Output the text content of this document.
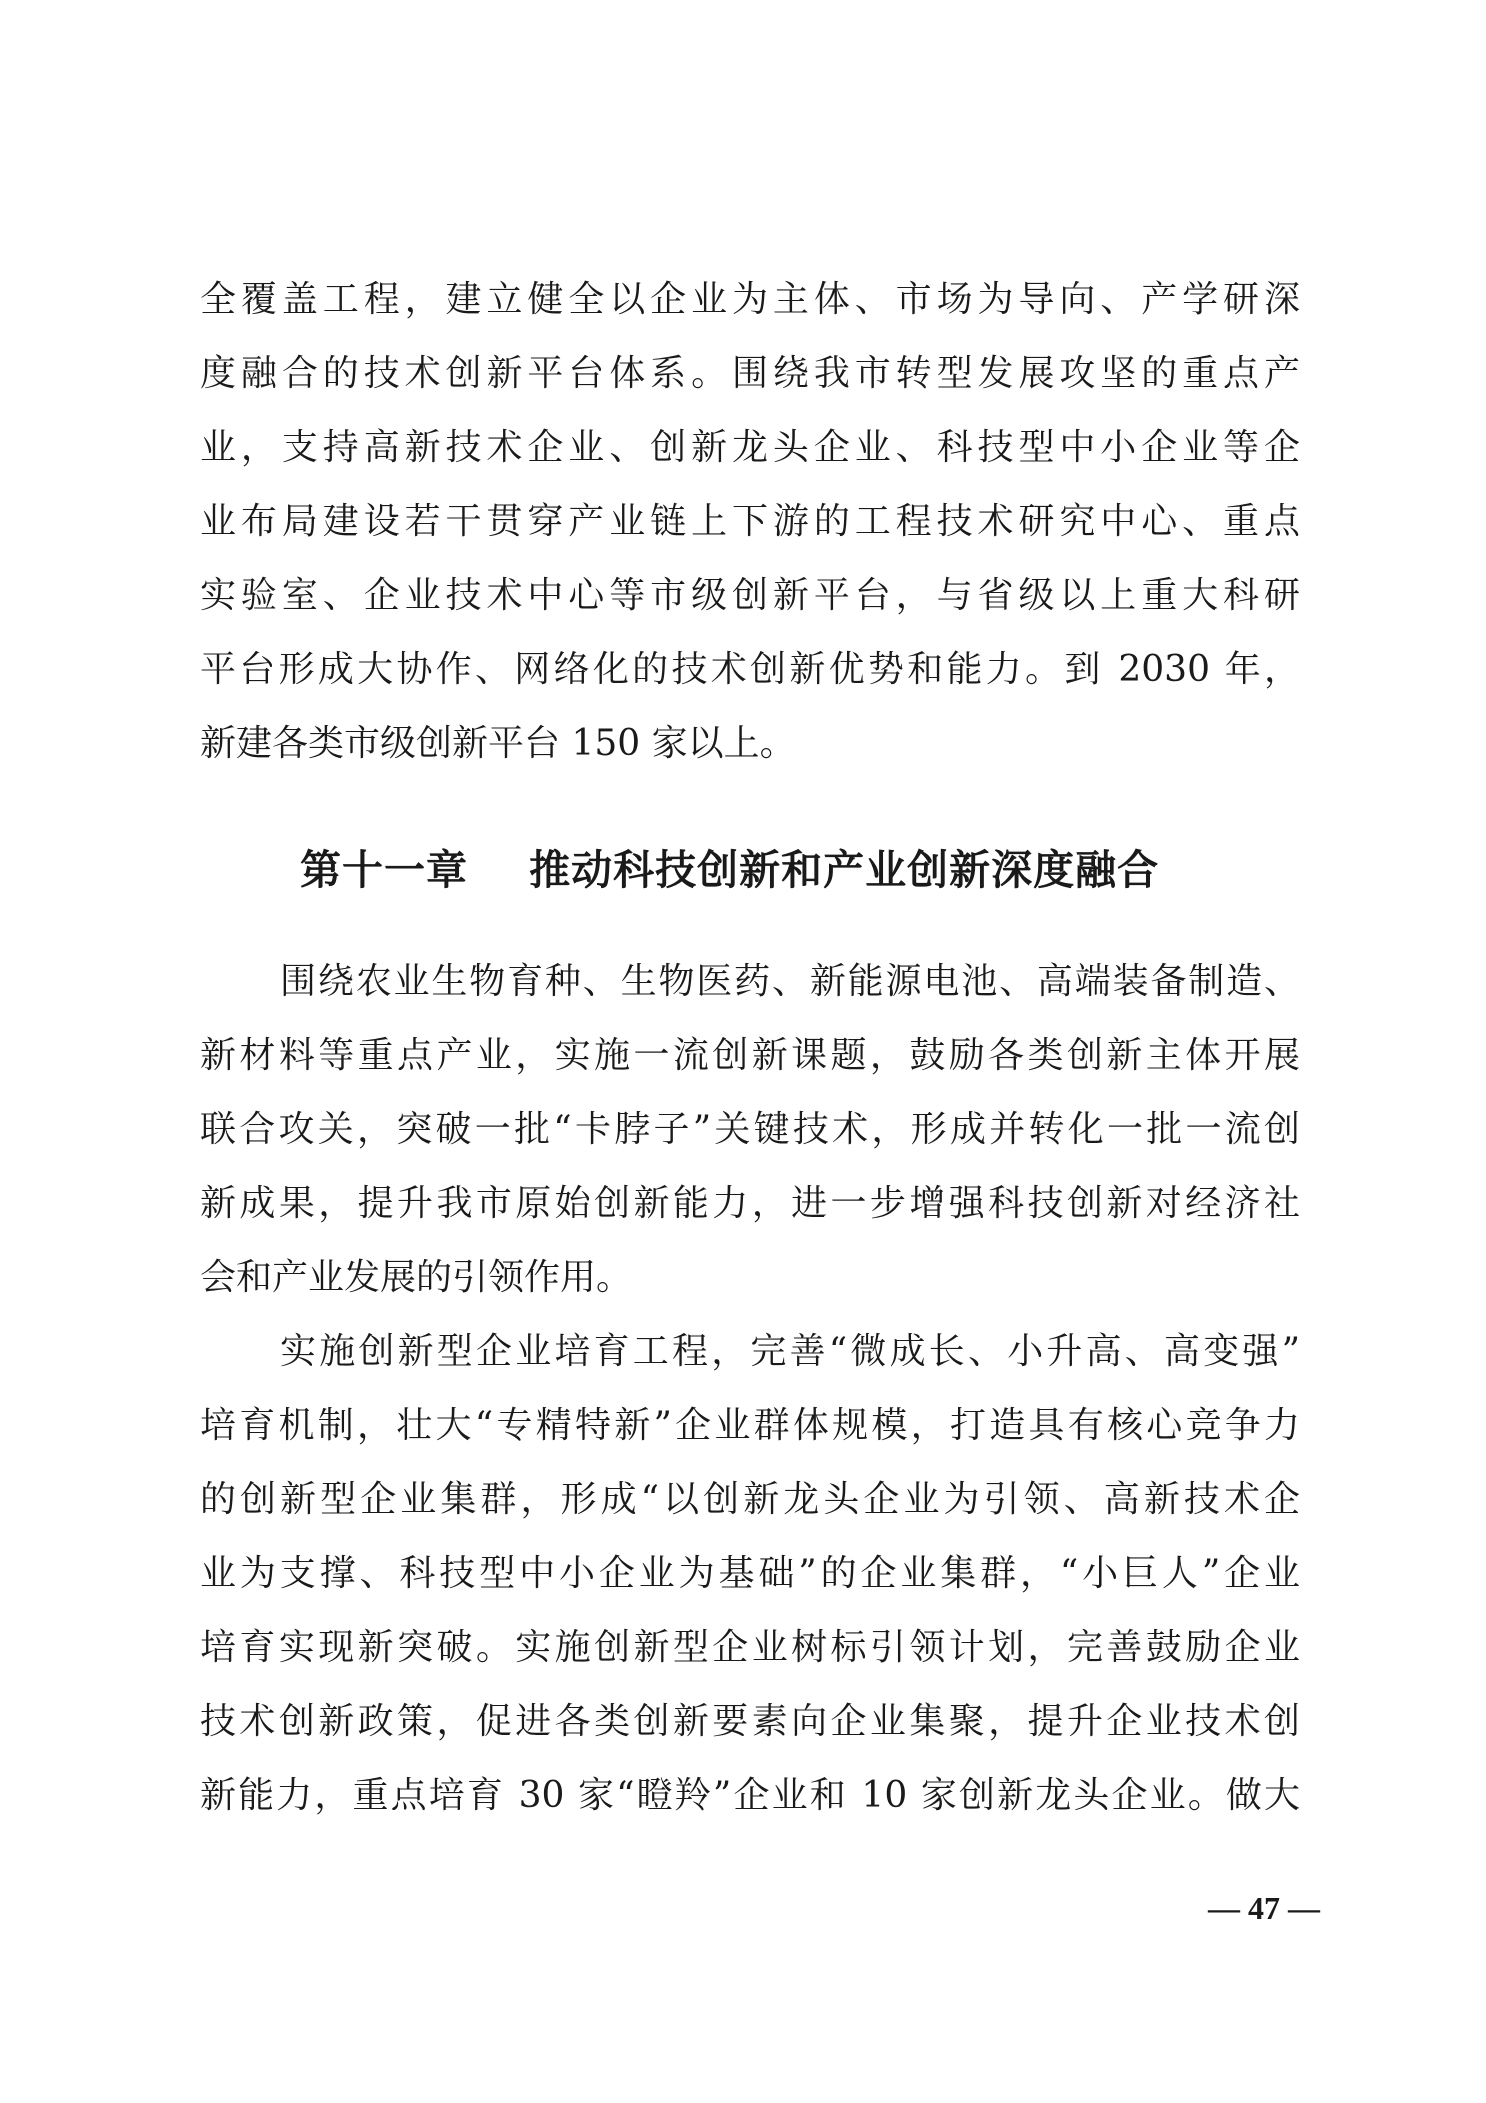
全覆盖工程，建立健全以企业为主体、市场为导向、产学研深
度融合的技术创新平台体系。围绕我市转型发展攻坚的重点产
业，支持高新技术企业、创新龙头企业、科技型中小企业等企
业布局建设若干贯穿产业链上下游的工程技术研究中心、重点
实验室、企业技术中心等市级创新平台，与省级以上重大科研
平台形成大协作、网络化的技术创新优势和能力。到 2030 年，
新建各类市级创新平台 150 家以上。
第十一章    推动科技创新和产业创新深度融合
围绕农业生物育种、生物医药、新能源电池、高端装备制造、
新材料等重点产业，实施一流创新课题，鼓励各类创新主体开展
联合攻关，突破一批“卡脖子”关键技术，形成并转化一批一流创
新成果，提升我市原始创新能力，进一步增强科技创新对经济社
会和产业发展的引领作用。
实施创新型企业培育工程，完善“微成长、小升高、高变强”
培育机制，壮大“专精特新”企业群体规模，打造具有核心竞争力
的创新型企业集群，形成“以创新龙头企业为引领、高新技术企
业为支撑、科技型中小企业为基础”的企业集群，“小巨人”企业
培育实现新突破。实施创新型企业树标引领计划，完善鼓励企业
技术创新政策，促进各类创新要素向企业集聚，提升企业技术创
新能力，重点培育 30 家“瞪羚”企业和 10 家创新龙头企业。做大
— 47 —
